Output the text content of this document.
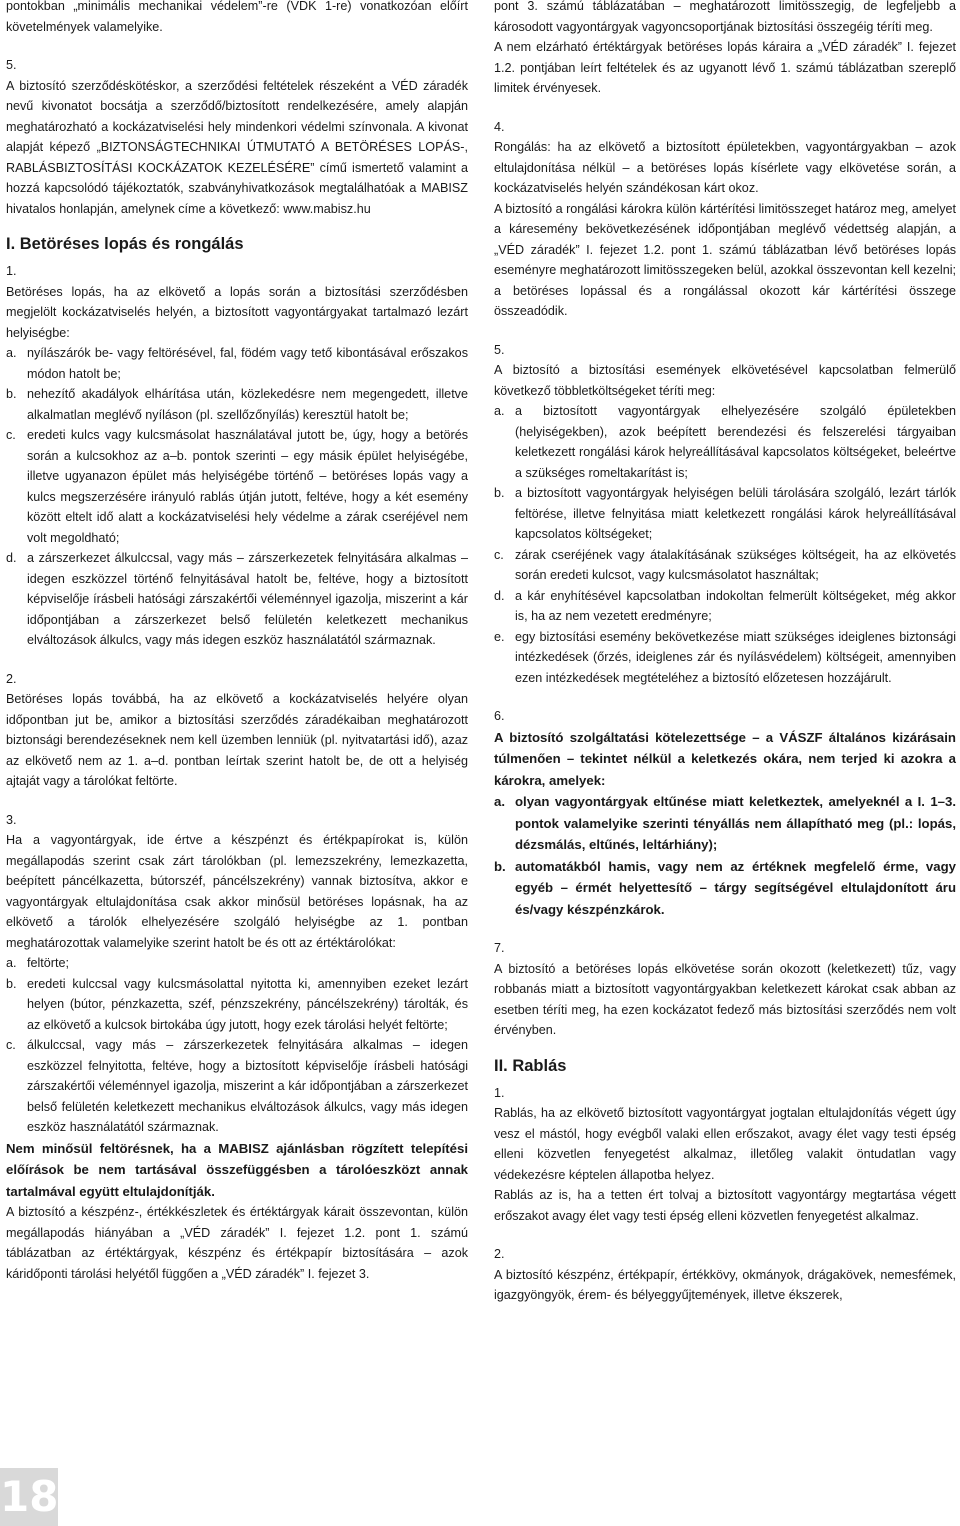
pontokban „minimális mechanikai védelem”-re (VDK 1-re) vonatkozóan előírt követelmények valamelyike.

5.

A biztosító szerződéskötéskor, a szerződési feltételek részeként a VÉD záradék nevű kivonatot bocsátja a szerződő/biztosított rendelkezésére, amely alapján meghatározható a kockázatviselési hely mindenkori védelmi színvonala. A kivonat alapját képező „BIZTONSÁGTECHNIKAI ÚTMUTATÓ A BETÖRÉSES LOPÁS-, RABLÁSBIZTOSÍTÁSI KOCKÁZATOK KEZELÉSÉRE” című ismertető valamint a hozzá kapcsolódó tájékoztatók, szabványhivatkozások megtalálhatóak a MABISZ hivatalos honlapján, amelynek címe a következő: www.mabisz.hu

I. Betöréses lopás és rongálás

1.

Betöréses lopás, ha az elkövető a lopás során a biztosítási szerződésben megjelölt kockázatviselés helyén, a biztosított vagyontárgyakat tartalmazó lezárt helyiségbe:

a. nyílászárók be- vagy feltörésével, fal, födém vagy tető kibontásával erőszakos módon hatolt be;
b. nehezítő akadályok elhárítása után, közlekedésre nem megengedett, illetve alkalmatlan meglévő nyíláson (pl. szellőzőnyílás) keresztül hatolt be;
c. eredeti kulcs vagy kulcsmásolat használatával jutott be, úgy, hogy a betörés során a kulcsokhoz az a–b. pontok szerinti – egy másik épület helyiségébe, illetve ugyanazon épület más helyiségébe történő – betöréses lopás vagy a kulcs megszerzésére irányuló rablás útján jutott, feltéve, hogy a két esemény között eltelt idő alatt a kockázatviselési hely védelme a zárak cseréjével nem volt megoldható;
d. a zárszerkezet álkulccsal, vagy más – zárszerkezetek felnyitására alkalmas – idegen eszközzel történő felnyitásával hatolt be, feltéve, hogy a biztosított képviselője írásbeli hatósági zárszakértői véleménnyel igazolja, miszerint a kár időpontjában a zárszerkezet belső felületén keletkezett mechanikus elváltozások álkulcs, vagy más idegen eszköz használatától származnak.

2.

Betöréses lopás továbbá, ha az elkövető a kockázatviselés helyére olyan időpontban jut be, amikor a biztosítási szerződés záradékaiban meghatározott biztonsági berendezéseknek nem kell üzemben lenniük (pl. nyitvatartási idő), azaz az elkövető nem az 1. a–d. pontban leírtak szerint hatolt be, de ott a helyiség ajtaját vagy a tárolókat feltörte.

3.

Ha a vagyontárgyak, ide értve a készpénzt és értékpapírokat is, külön megállapodás szerint csak zárt tárolókban (pl. lemezszekrény, lemezkazetta, beépített páncélkazetta, bútorszéf, páncélszekrény) vannak biztosítva, akkor e vagyontárgyak eltulajdonítása csak akkor minősül betöréses lopásnak, ha az elkövető a tárolók elhelyezésére szolgáló helyiségbe az 1. pontban meghatározottak valamelyike szerint hatolt be és ott az értéktárolókat:

a. feltörte;
b. eredeti kulccsal vagy kulcsmásolattal nyitotta ki, amennyiben ezeket lezárt helyen (bútor, pénzkazetta, széf, pénzszekrény, páncélszekrény) tárolták, és az elkövető a kulcsok birtokába úgy jutott, hogy ezek tárolási helyét feltörte;
c. álkulccsal, vagy más – zárszerkezetek felnyitására alkalmas – idegen eszközzel felnyitotta, feltéve, hogy a biztosított képviselője írásbeli hatósági zárszakértői véleménnyel igazolja, miszerint a kár időpontjában a zárszerkezet belső felületén keletkezett mechanikus elváltozások álkulcs, vagy más idegen eszköz használatától származnak.

Nem minősül feltörésnek, ha a MABISZ ajánlásban rögzített telepítési előírások be nem tartásával összefüggésben a tárolóeszközt annak tartalmával együtt eltulajdonítják.

A biztosító a készpénz-, értékkészletek és értéktárgyak kárait összevontan, külön megállapodás hiányában a „VÉD záradék” I. fejezet 1.2. pont 1. számú táblázatban az értéktárgyak, készpénz és értékpapír biztosítására – azok káridőponti tárolási helyétől függően a „VÉD záradék” I. fejezet 3.

pont 3. számú táblázatában – meghatározott limitösszegig, de legfeljebb a károsodott vagyontárgyak vagyoncsoportjának biztosítási összegéig téríti meg.

A nem elzárható értéktárgyak betöréses lopás káraira a „VÉD záradék” I. fejezet 1.2. pontjában leírt feltételek és az ugyanott lévő 1. számú táblázatban szereplő limitek érvényesek.

4.

Rongálás: ha az elkövető a biztosított épületekben, vagyontárgyakban – azok eltulajdonítása nélkül – a betöréses lopás kísérlete vagy elkövetése során, a kockázatviselés helyén szándékosan kárt okoz.

A biztosító a rongálási károkra külön kártérítési limitösszeget határoz meg, amelyet a káresemény bekövetkezésének időpontjában meglévő védettség alapján, a „VÉD záradék” I. fejezet 1.2. pont 1. számú táblázatban lévő betöréses lopás eseményre meghatározott limitösszegeken belül, azokkal összevontan kell kezelni; a betöréses lopással és a rongálással okozott kár kártérítési összege összeadódik.

5.

A biztosító a biztosítási események elkövetésével kapcsolatban felmerülő következő többletköltségeket téríti meg:

a. a biztosított vagyontárgyak elhelyezésére szolgáló épületekben (helyiségekben), azok beépített berendezési és felszerelési tárgyaiban keletkezett rongálási károk helyreállításával kapcsolatos költségeket, beleértve a szükséges romeltakarítást is;
b. a biztosított vagyontárgyak helyiségen belüli tárolására szolgáló, lezárt tárlók feltörése, illetve felnyitása miatt keletkezett rongálási károk helyreállításával kapcsolatos költségeket;
c. zárak cseréjének vagy átalakításának szükséges költségeit, ha az elkövetés során eredeti kulcsot, vagy kulcsmásolatot használtak;
d. a kár enyhítésével kapcsolatban indokoltan felmerült költségeket, még akkor is, ha az nem vezetett eredményre;
e. egy biztosítási esemény bekövetkezése miatt szükséges ideiglenes biztonsági intézkedések (őrzés, ideiglenes zár és nyílásvédelem) költségeit, amennyiben ezen intézkedések megtételéhez a biztosító előzetesen hozzájárult.

6.

A biztosító szolgáltatási kötelezettsége – a VÁSZF általános kizárásain túlmenően – tekintet nélkül a keletkezés okára, nem terjed ki azokra a károkra, amelyek:

a. olyan vagyontárgyak eltűnése miatt keletkeztek, amelyeknél a I. 1–3. pontok valamelyike szerinti tényállás nem állapítható meg (pl.: lopás, dézsmálás, eltűnés, leltárhiány);
b. automatákból hamis, vagy nem az értéknek megfelelő érme, vagy egyéb – érmét helyettesítő – tárgy segítségével eltulajdonított áru és/vagy készpénzkárok.

7.

A biztosító a betöréses lopás elkövetése során okozott (keletkezett) tűz, vagy robbanás miatt a biztosított vagyontárgyakban keletkezett károkat csak abban az esetben téríti meg, ha ezen kockázatot fedező más biztosítási szerződés nem volt érvényben.

II. Rablás

1.

Rablás, ha az elkövető biztosított vagyontárgyat jogtalan eltulajdonítás végett úgy vesz el mástól, hogy evégből valaki ellen erőszakot, avagy élet vagy testi épség elleni közvetlen fenyegetést alkalmaz, illetőleg valakit öntudatlan vagy védekezésre képtelen állapotba helyez.

Rablás az is, ha a tetten ért tolvaj a biztosított vagyontárgy megtartása végett erőszakot avagy élet vagy testi épség elleni közvetlen fenyegetést alkalmaz.

2.

A biztosító készpénz, értékpapír, értékkövy, okmányok, drágakövek, nemesfémek, igazgyöngyök, érem- és bélyeggyűjtemények, illetve ékszerek,

18
